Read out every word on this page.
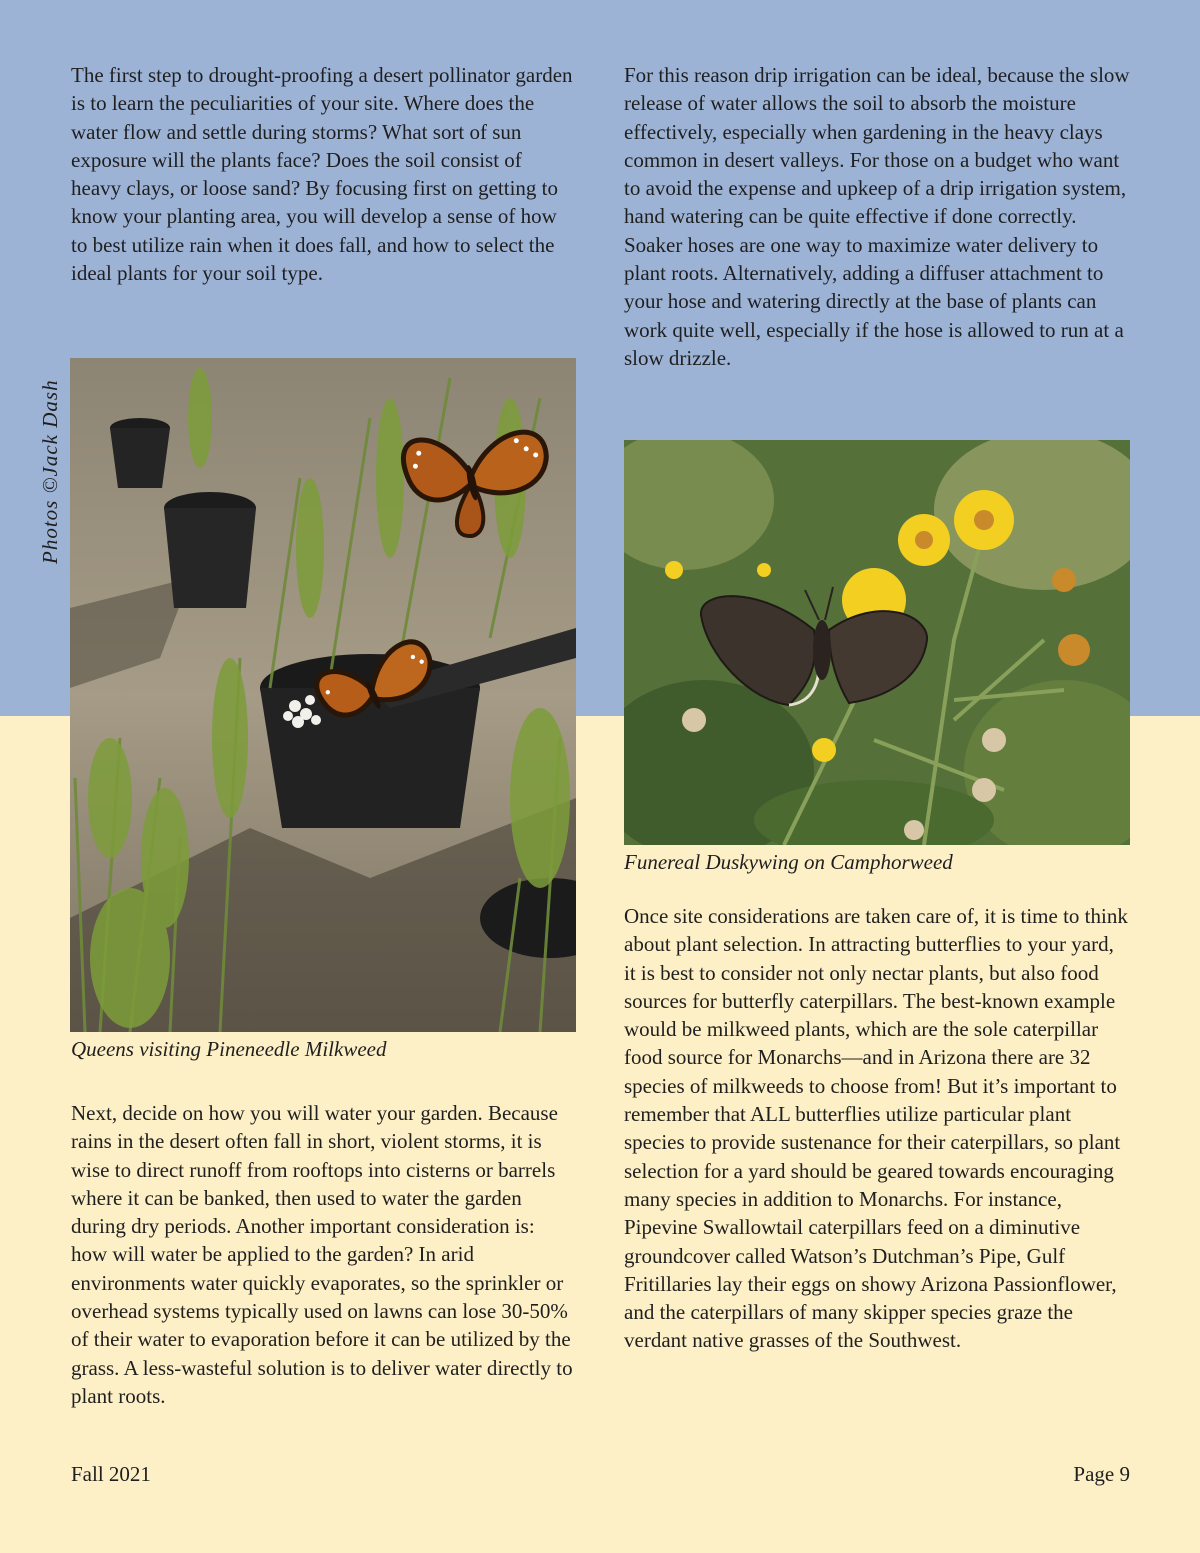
The first step to drought-proofing a desert pollinator garden is to learn the peculiarities of your site. Where does the water flow and settle during storms? What sort of sun exposure will the plants face? Does the soil consist of heavy clays, or loose sand? By focusing first on getting to know your planting area, you will develop a sense of how to best utilize rain when it does fall, and how to select the ideal plants for your soil type.

For this reason drip irrigation can be ideal, because the slow release of water allows the soil to absorb the moisture effectively, especially when gardening in the heavy clays common in desert valleys. For those on a budget who want to avoid the expense and upkeep of a drip irrigation system, hand watering can be quite effective if done correctly. Soaker hoses are one way to maximize water delivery to plant roots. Alternatively, adding a diffuser attachment to your hose and watering directly at the base of plants can work quite well, especially if the hose is allowed to run at a slow drizzle.

Photos ©Jack Dash

Queens visiting Pineneedle Milkweed

Next, decide on how you will water your garden. Because rains in the desert often fall in short, violent storms, it is wise to direct runoff from rooftops into cisterns or barrels where it can be banked, then used to water the garden during dry periods. Another important consideration is: how will water be applied to the garden? In arid environments water quickly evaporates, so the sprinkler or overhead systems typically used on lawns can lose 30-50% of their water to evaporation before it can be utilized by the grass. A less-wasteful solution is to deliver water directly to plant roots.

Funereal Duskywing on Camphorweed

Once site considerations are taken care of, it is time to think about plant selection. In attracting butterflies to your yard, it is best to consider not only nectar plants, but also food sources for butterfly caterpillars. The best-known example would be milkweed plants, which are the sole caterpillar food source for Monarchs—and in Arizona there are 32 species of milkweeds to choose from! But it’s important to remember that ALL butterflies utilize particular plant species to provide sustenance for their caterpillars, so plant selection for a yard should be geared towards encouraging many species in addition to Monarchs. For instance, Pipevine Swallowtail caterpillars feed on a diminutive groundcover called Watson’s Dutchman’s Pipe, Gulf Fritillaries lay their eggs on showy Arizona Passionflower, and the caterpillars of many skipper species graze the verdant native grasses of the Southwest.

Fall 2021	Page 9
